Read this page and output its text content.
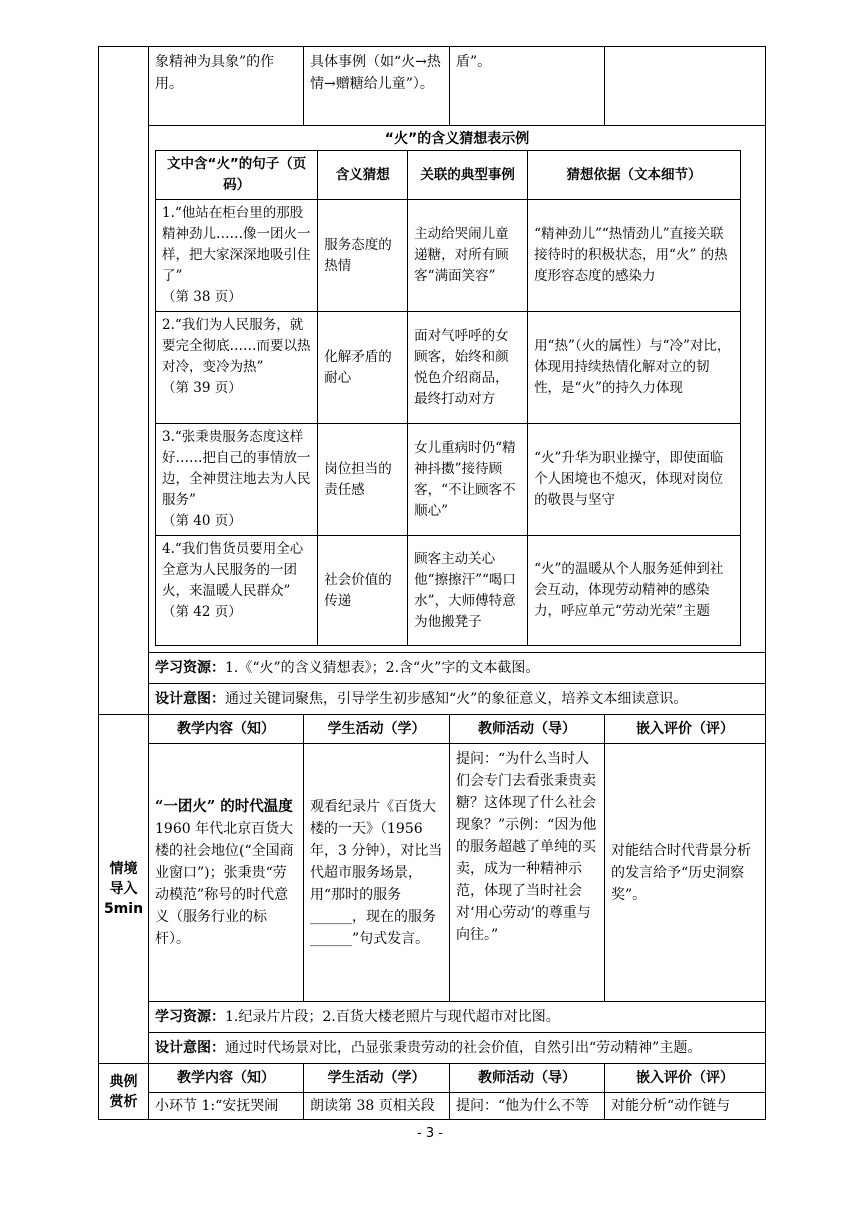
	象精神为具象”的作用。	具体事例（如“火→热情→赠糖给儿童”）。	盾”。	

“火”的含义猜想表示例
文中含“火”的句子（页码）	含义猜想	关联的典型事例	猜想依据（文本细节）

1.“他站在柜台里的那股精神劲儿……像一团火一样，把大家深深地吸引住了”
（第 38 页）
	服务态度的热情	主动给哭闹儿童递糖，对所有顾客“满面笑容”	“精神劲儿”“热情劲儿”直接关联接待时的积极状态，用“火” 的热度形容态度的感染力

2.“我们为人民服务，就要完全彻底……而要以热对冷，变冷为热”
（第 39 页）
	化解矛盾的耐心	面对气呼呼的女顾客，始终和颜悦色介绍商品，最终打动对方	用“热”（火的属性）与“冷”对比，体现用持续热情化解对立的韧性，是“火”的持久力体现

3.“张秉贵服务态度这样好……把自己的事情放一边，全神贯注地去为人民服务”
（第 40 页）
	岗位担当的责任感	女儿重病时仍“精神抖擞”接待顾客，“不让顾客不顺心”	“火”升华为职业操守，即使面临个人困境也不熄灭，体现对岗位的敬畏与坚守

4.“我们售货员要用全心全意为人民服务的一团火，来温暖人民群众”
（第 42 页）
	社会价值的传递	顾客主动关心他“擦擦汗”“喝口水”，大师傅特意为他搬凳子	“火”的温暖从个人服务延伸到社会互动，体现劳动精神的感染力，呼应单元“劳动光荣”主题

学习资源：1.《“火”的含义猜想表》；2.含“火”字的文本截图。
设计意图：通过关键词聚焦，引导学生初步感知“火”的象征意义，培养文本细读意识。

情境
导入
5min
	教学内容（知）	学生活动（学）	教师活动（导）	嵌入评价（评）

“一团火” 的时代温度
1960 年代北京百货大楼的社会地位(“全国商业窗口”)；张秉贵“劳动模范”称号的时代意义（服务行业的标杆）。
	观看纪录片《百货大楼的一天》（1956年，3 分钟），对比当代超市服务场景，用“那时的服务______，现在的服务______”句式发言。	提问：“为什么当时人们会专门去看张秉贵卖糖？这体现了什么社会现象？”示例：“因为他的服务超越了单纯的买卖，成为一种精神示范，体现了当时社会对‘用心劳动’的尊重与向往。”	对能结合时代背景分析的发言给予“历史洞察奖”。
学习资源：1.纪录片片段；2.百货大楼老照片与现代超市对比图。
设计意图：通过时代场景对比，凸显张秉贵劳动的社会价值，自然引出“劳动精神”主题。

典例
赏析
	教学内容（知）	学生活动（学）	教师活动（导）	嵌入评价（评）
小环节 1:“安抚哭闹	朗读第 38 页相关段	提问：“他为什么不等	对能分析“动作链与
- 3 -
